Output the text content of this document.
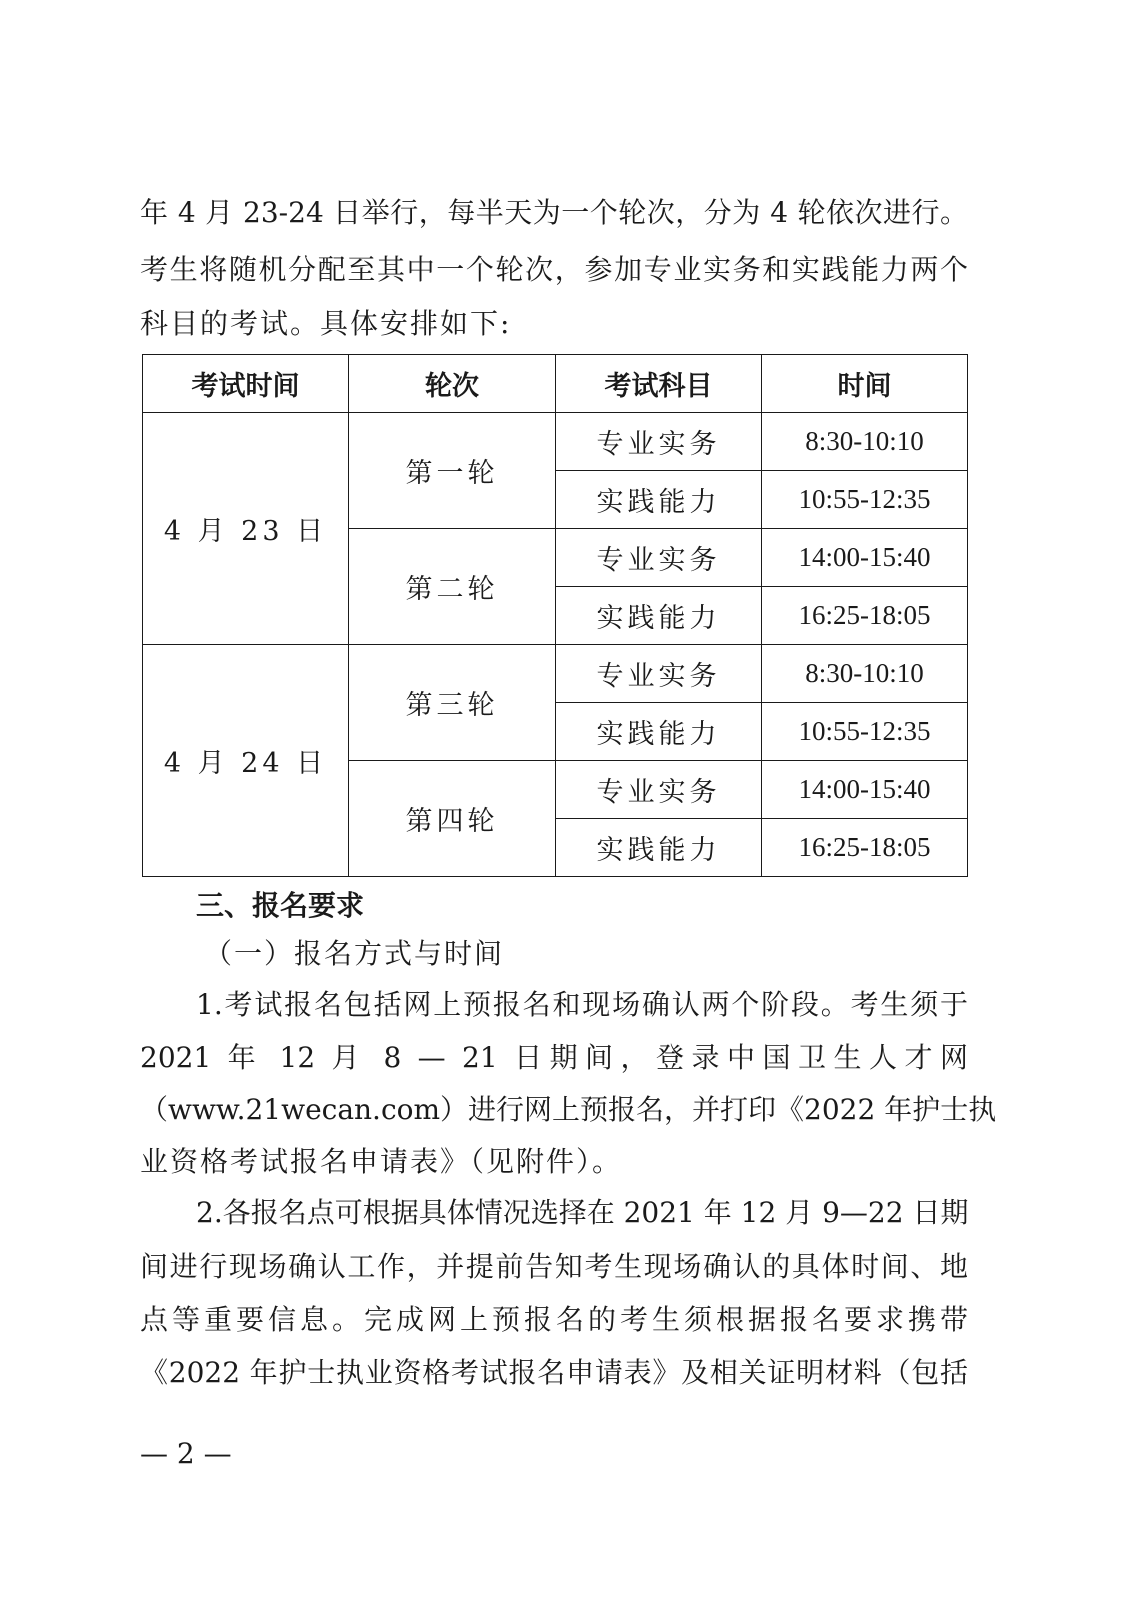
年 4 月 23-24 日举行，每半天为一个轮次，分为 4 轮依次进行。
考生将随机分配至其中一个轮次，参加专业实务和实践能力两个
科目的考试。具体安排如下:
考试时间	轮次	考试科目	时间
4 月 23 日	第一轮	专业实务	8:30-10:10
		实践能力	10:55-12:35
	第二轮	专业实务	14:00-15:40
		实践能力	16:25-18:05
4 月 24 日	第三轮	专业实务	8:30-10:10
		实践能力	10:55-12:35
	第四轮	专业实务	14:00-15:40
		实践能力	16:25-18:05
三、报名要求
（一）报名方式与时间
1.考试报名包括网上预报名和现场确认两个阶段。考生须于
2021 年 12 月 8 — 21 日期间，登录中国卫生人才网
（www.21wecan.com）进行网上预报名，并打印《2022 年护士执
业资格考试报名申请表》（见附件）。
2.各报名点可根据具体情况选择在 2021 年 12 月 9—22 日期
间进行现场确认工作，并提前告知考生现场确认的具体时间、地
点等重要信息。完成网上预报名的考生须根据报名要求携带
《2022 年护士执业资格考试报名申请表》及相关证明材料（包括
— 2 —
